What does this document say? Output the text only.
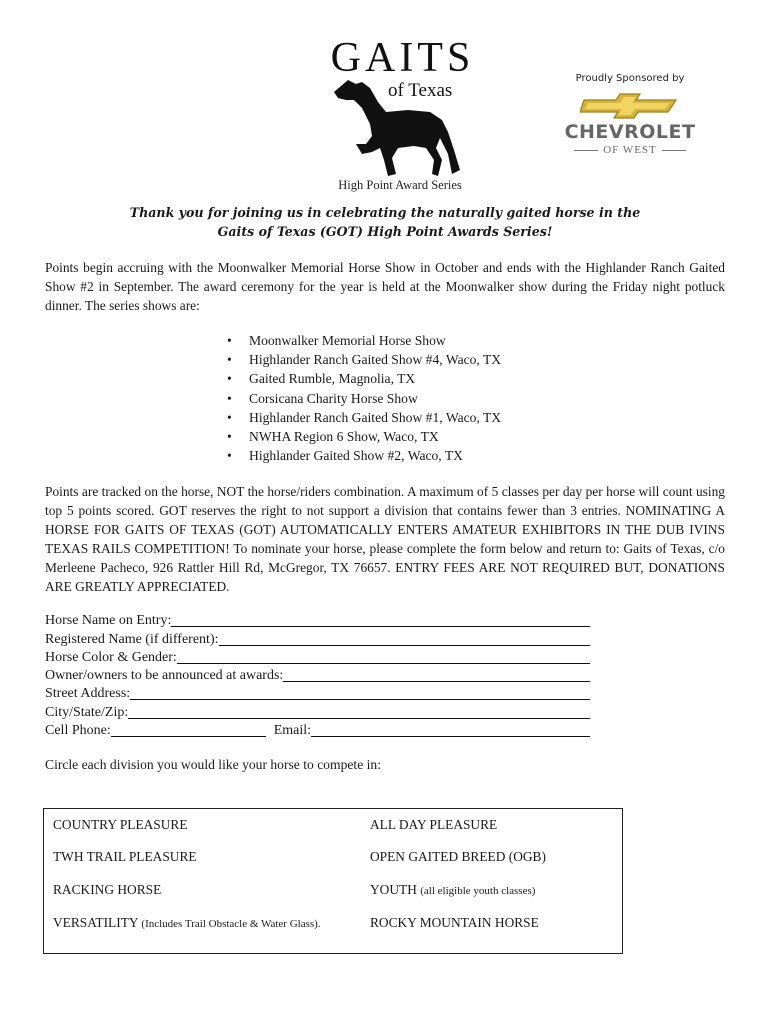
GAITS
of Texas
High Point Award Series
Proudly Sponsored by
CHEVROLET
OF WEST
Thank you for joining us in celebrating the naturally gaited horse in the
Gaits of Texas (GOT) High Point Awards Series!
Points begin accruing with the Moonwalker Memorial Horse Show in October and ends with the Highlander Ranch Gaited Show #2 in September. The award ceremony for the year is held at the Moonwalker show during the Friday night potluck dinner. The series shows are:
• Moonwalker Memorial Horse Show
• Highlander Ranch Gaited Show #4, Waco, TX
• Gaited Rumble, Magnolia, TX
• Corsicana Charity Horse Show
• Highlander Ranch Gaited Show #1, Waco, TX
• NWHA Region 6 Show, Waco, TX
• Highlander Gaited Show #2, Waco, TX
Points are tracked on the horse, NOT the horse/riders combination. A maximum of 5 classes per day per horse will count using top 5 points scored. GOT reserves the right to not support a division that contains fewer than 3 entries. NOMINATING A HORSE FOR GAITS OF TEXAS (GOT) AUTOMATICALLY ENTERS AMATEUR EXHIBITORS IN THE DUB IVINS TEXAS RAILS COMPETITION! To nominate your horse, please complete the form below and return to: Gaits of Texas, c/o Merleene Pacheco, 926 Rattler Hill Rd, McGregor, TX 76657. ENTRY FEES ARE NOT REQUIRED BUT, DONATIONS ARE GREATLY APPRECIATED.
Horse Name on Entry:
Registered Name (if different):
Horse Color & Gender:
Owner/owners to be announced at awards:
Street Address:
City/State/Zip:
Cell Phone:	Email:
Circle each division you would like your horse to compete in:
COUNTRY PLEASURE	ALL DAY PLEASURE
TWH TRAIL PLEASURE	OPEN GAITED BREED (OGB)
RACKING HORSE	YOUTH (all eligible youth classes)
VERSATILITY (Includes Trail Obstacle & Water Glass).	ROCKY MOUNTAIN HORSE
